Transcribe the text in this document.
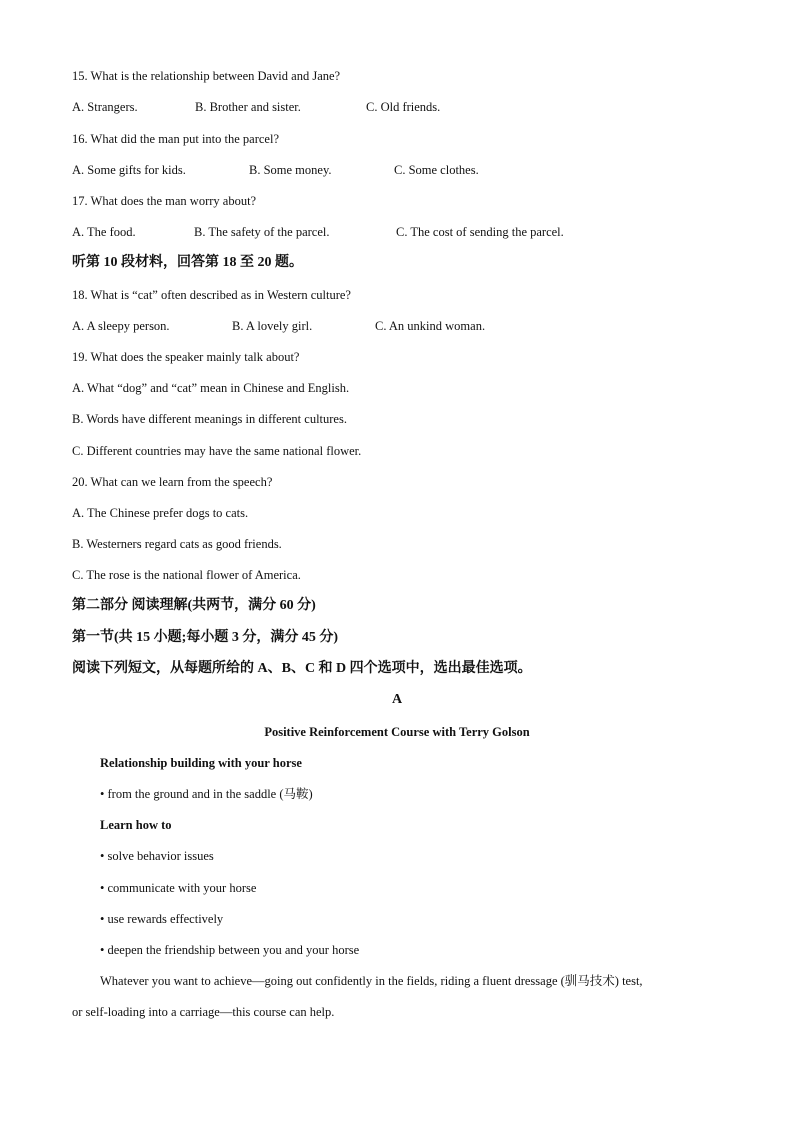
15. What is the relationship between David and Jane?
A. Strangers.	B. Brother and sister.	C. Old friends.
16. What did the man put into the parcel?
A. Some gifts for kids.	B. Some money.	C. Some clothes.
17. What does the man worry about?
A. The food.	B. The safety of the parcel.	C. The cost of sending the parcel.
听第 10 段材料，回答第 18 至 20 题。
18. What is “cat” often described as in Western culture?
A. A sleepy person.	B. A lovely girl.	C. An unkind woman.
19. What does the speaker mainly talk about?
A. What “dog” and “cat” mean in Chinese and English.
B. Words have different meanings in different cultures.
C. Different countries may have the same national flower.
20. What can we learn from the speech?
A. The Chinese prefer dogs to cats.
B. Westerners regard cats as good friends.
C. The rose is the national flower of America.
第二部分 阅读理解(共两节，满分 60 分)
第一节(共 15 小题;每小题 3 分，满分 45 分)
阅读下列短文，从每题所给的 A、B、C 和 D 四个选项中，选出最佳选项。
A
Positive Reinforcement Course with Terry Golson
Relationship building with your horse
• from the ground and in the saddle (马鞍)
Learn how to
• solve behavior issues
• communicate with your horse
• use rewards effectively
• deepen the friendship between you and your horse
Whatever you want to achieve—going out confidently in the fields, riding a fluent dressage (驯马技术) test,
or self-loading into a carriage—this course can help.
